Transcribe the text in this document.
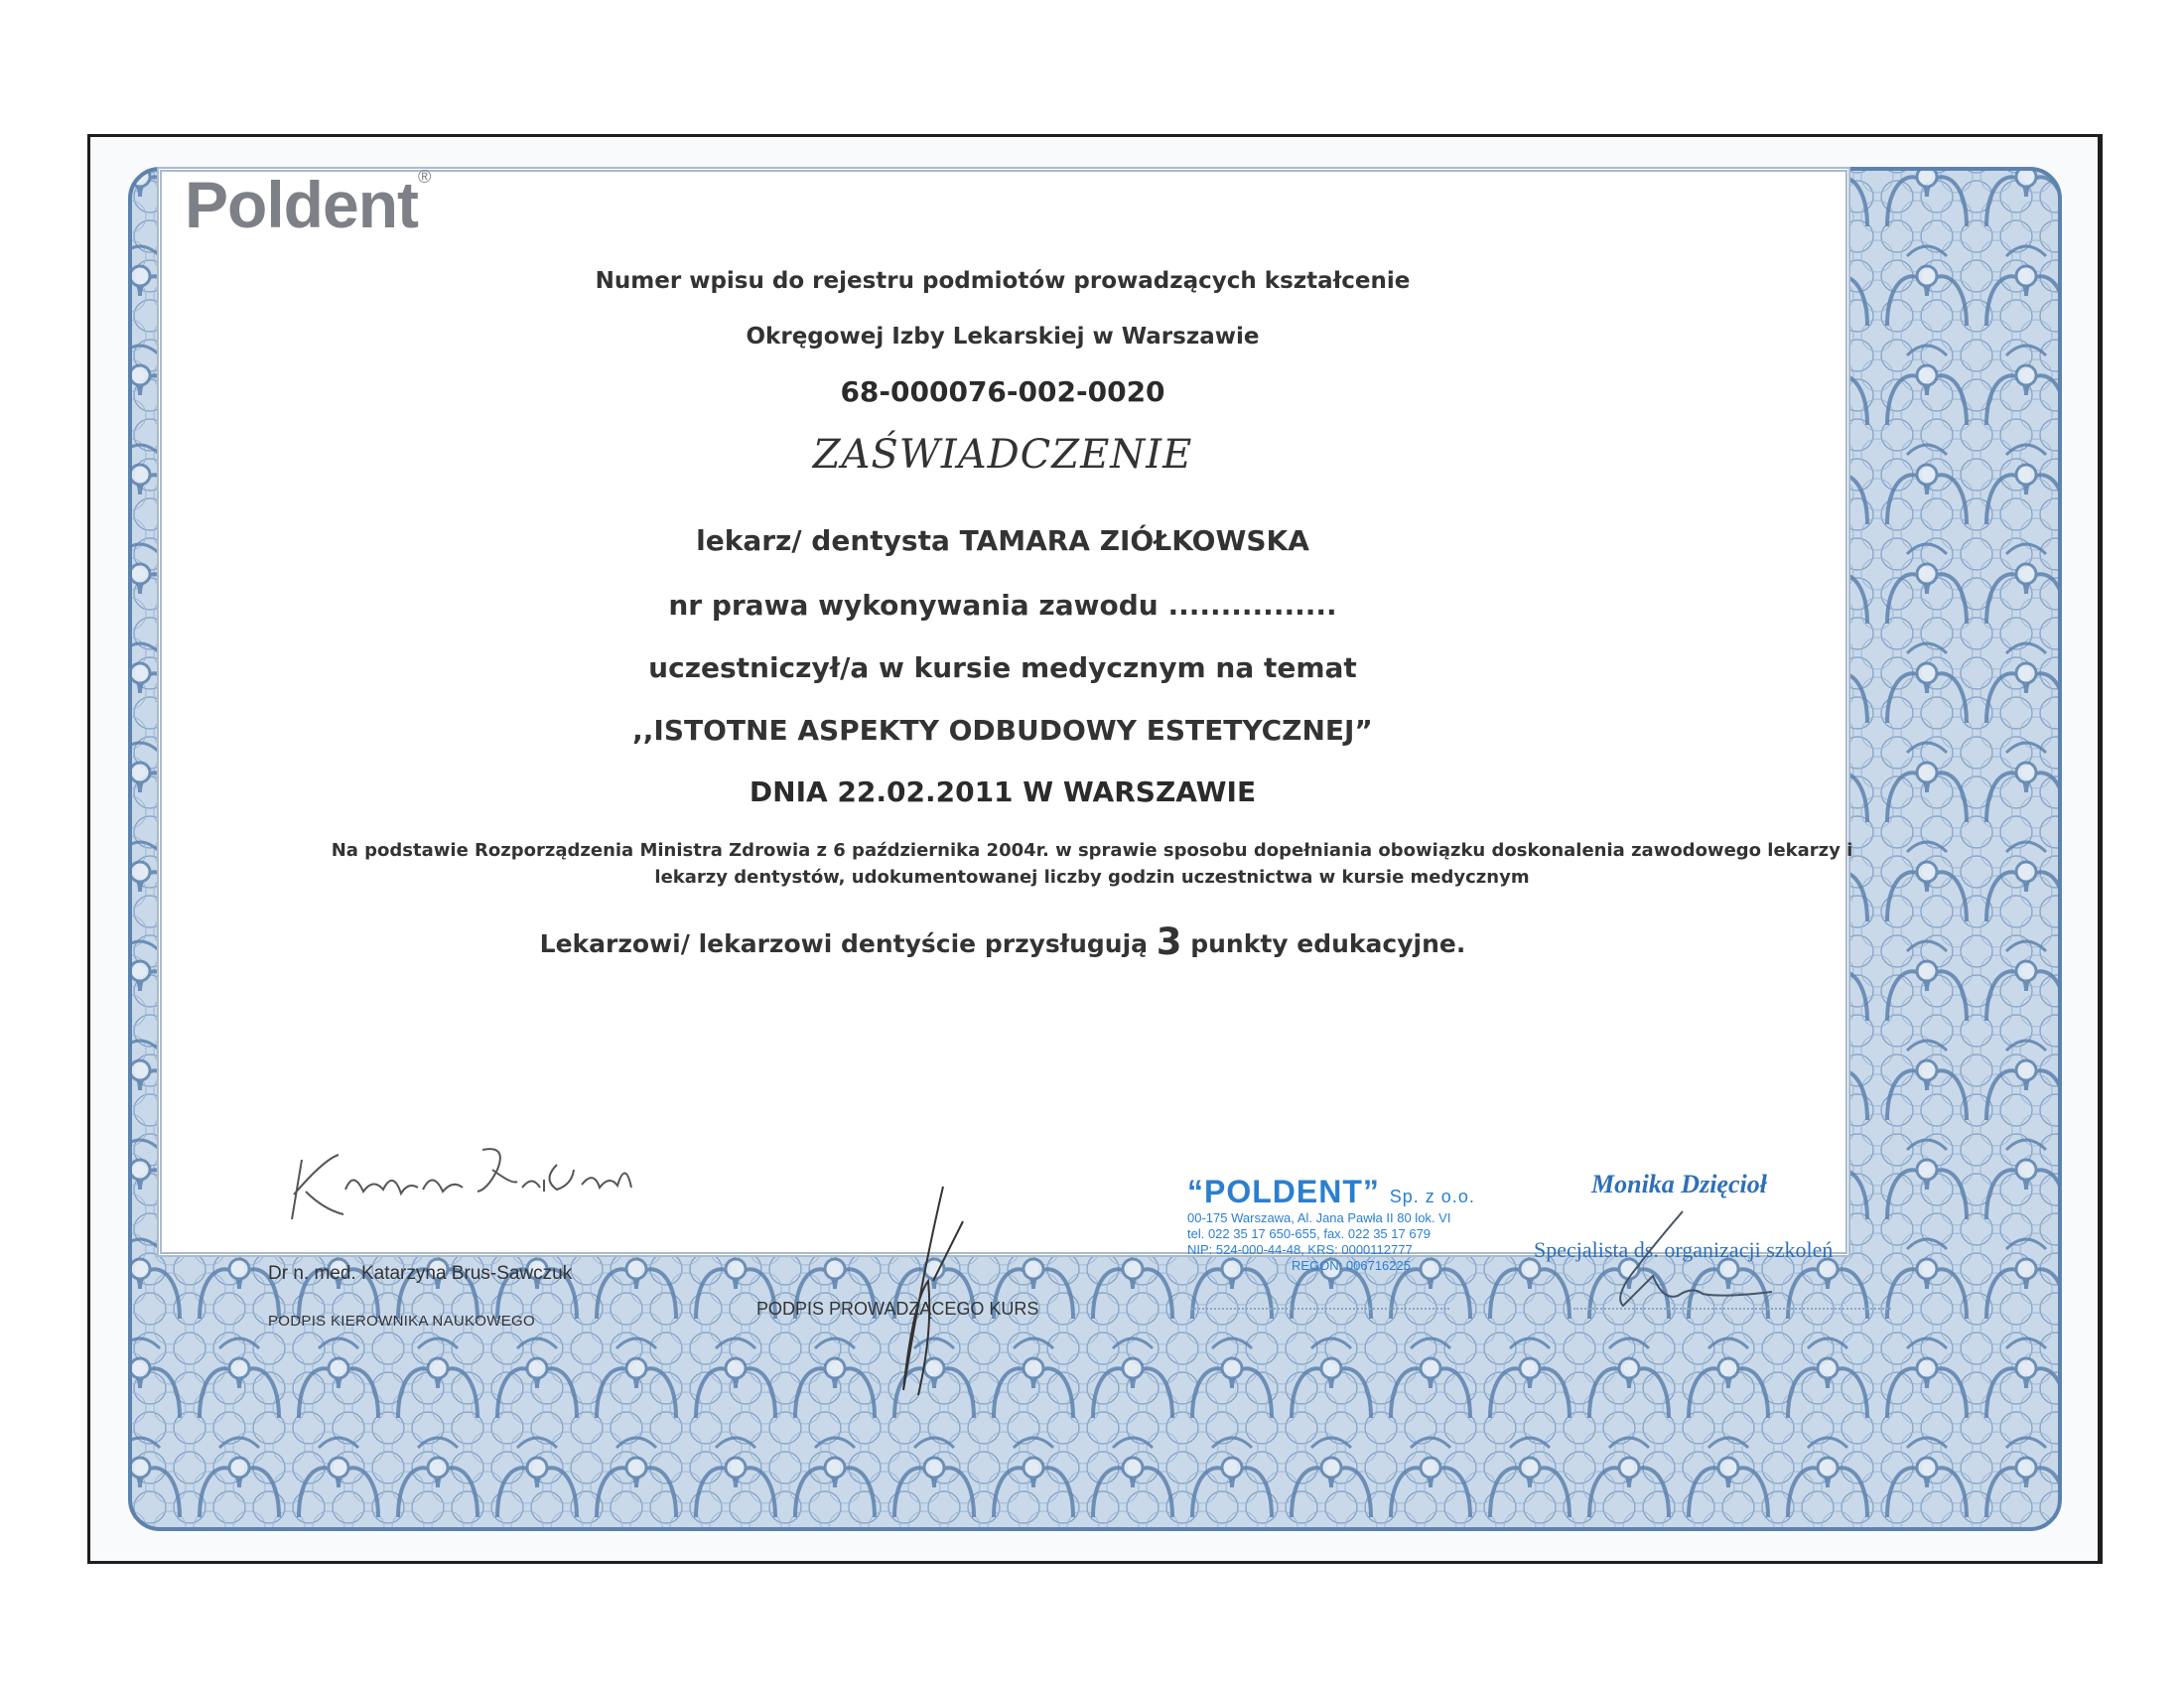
Poldent®
Numer wpisu do rejestru podmiotów prowadzących kształcenie
Okręgowej Izby Lekarskiej w Warszawie
68-000076-002-0020
ZAŚWIADCZENIE
lekarz/ dentysta TAMARA ZIÓŁKOWSKA
nr prawa wykonywania zawodu ................
uczestniczył/a w kursie medycznym na temat
,,ISTOTNE ASPEKTY ODBUDOWY ESTETYCZNEJ”
DNIA 22.02.2011 W WARSZAWIE
Na podstawie Rozporządzenia Ministra Zdrowia z 6 października 2004r. w sprawie sposobu dopełniania obowiązku doskonalenia zawodowego lekarzy i
lekarzy dentystów, udokumentowanej liczby godzin uczestnictwa w kursie medycznym
Lekarzowi/ lekarzowi dentyście przysługują 3 punkty edukacyjne.
Dr n. med. Katarzyna Brus-Sawczuk
PODPIS KIEROWNIKA NAUKOWEGO
PODPIS PROWADZĄCEGO KURS
“POLDENT” Sp. z o.o.
00-175 Warszawa, Al. Jana Pawła II 80 lok. VI
tel. 022 35 17 650-655, fax. 022 35 17 679
NIP: 524-000-44-48, KRS: 0000112777
REGON: 006716225
Monika Dzięcioł
Specjalista ds. organizacji szkoleń
